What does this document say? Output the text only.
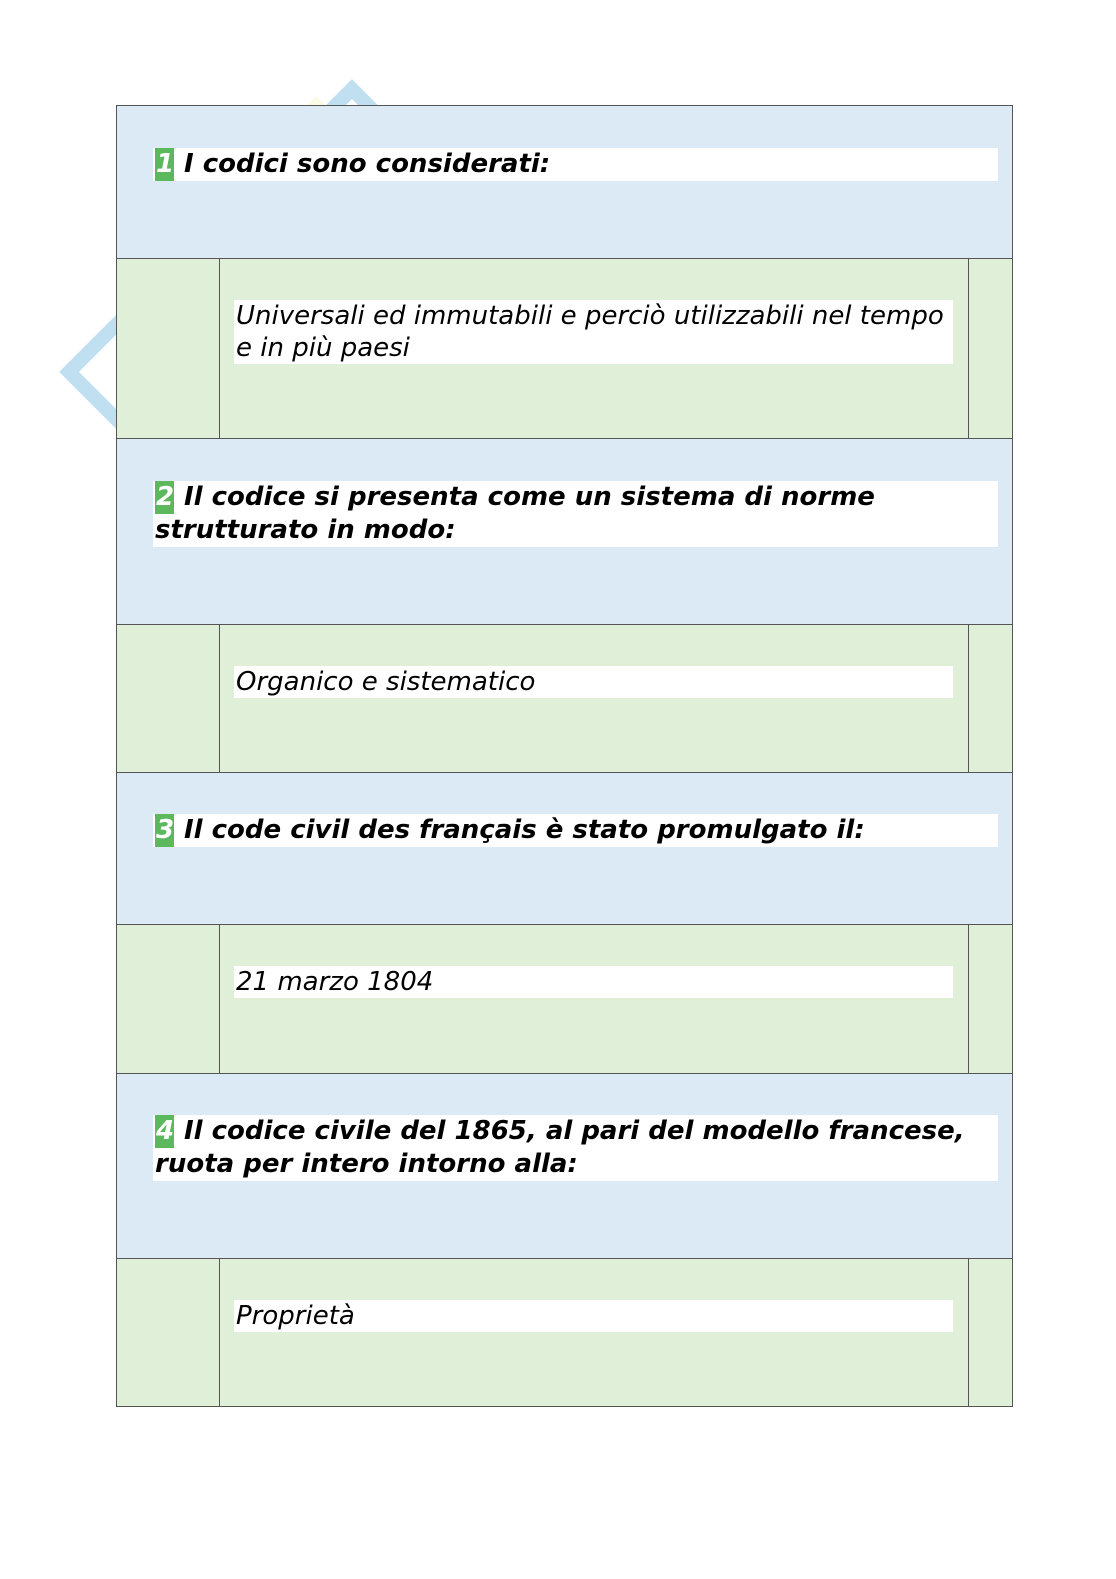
1 I codici sono considerati:
Universali ed immutabili e perciò utilizzabili nel tempo e in più paesi
2 Il codice si presenta come un sistema di norme strutturato in modo:
Organico e sistematico
3 Il code civil des français è stato promulgato il:
21 marzo 1804
4 Il codice civile del 1865, al pari del modello francese, ruota per intero intorno alla:
Proprietà
